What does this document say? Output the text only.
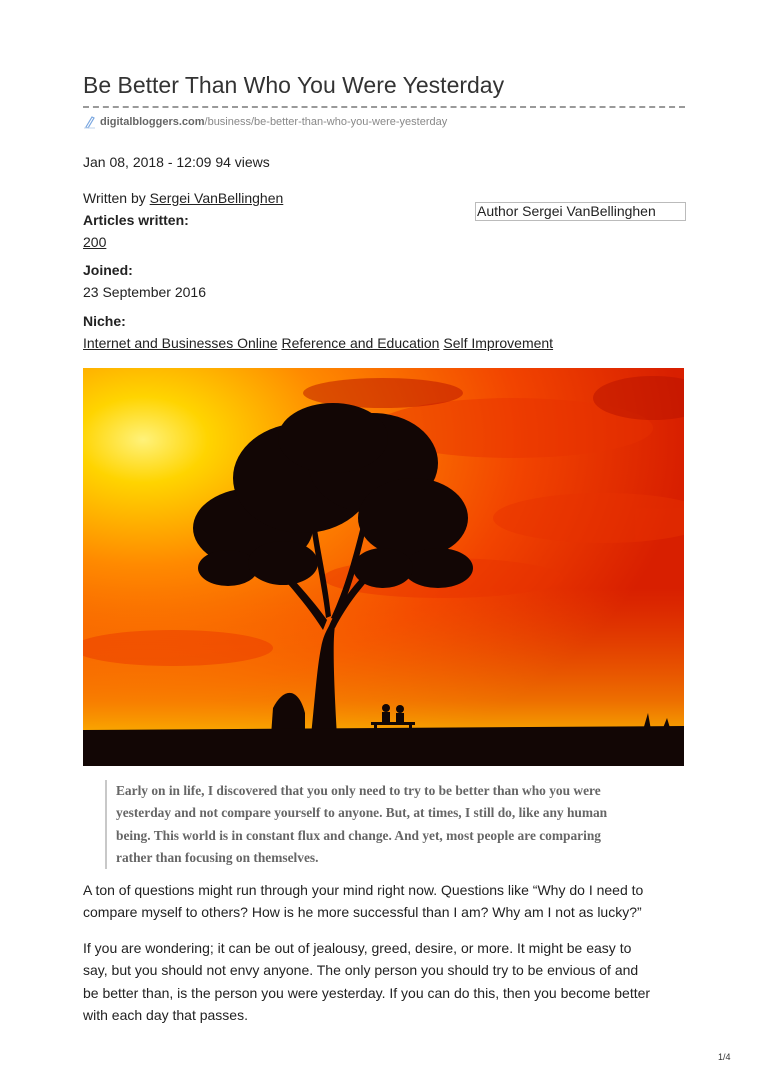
Be Better Than Who You Were Yesterday
digitalbloggers.com /business/be-better-than-who-you-were-yesterday
Jan 08, 2018 - 12:09 94 views
Written by Sergei VanBellinghen
Articles written:
200
Joined:
23 September 2016
Niche:
Internet and Businesses Online Reference and Education Self Improvement
Author Sergei VanBellinghen
Early on in life, I discovered that you only need to try to be better than who you were
yesterday and not compare yourself to anyone. But, at times, I still do, like any human
being. This world is in constant flux and change. And yet, most people are comparing
rather than focusing on themselves.
A ton of questions might run through your mind right now. Questions like “Why do I need to
compare myself to others? How is he more successful than I am? Why am I not as lucky?”
If you are wondering; it can be out of jealousy, greed, desire, or more. It might be easy to
say, but you should not envy anyone. The only person you should try to be envious of and
be better than, is the person you were yesterday. If you can do this, then you become better
with each day that passes.
1/4
